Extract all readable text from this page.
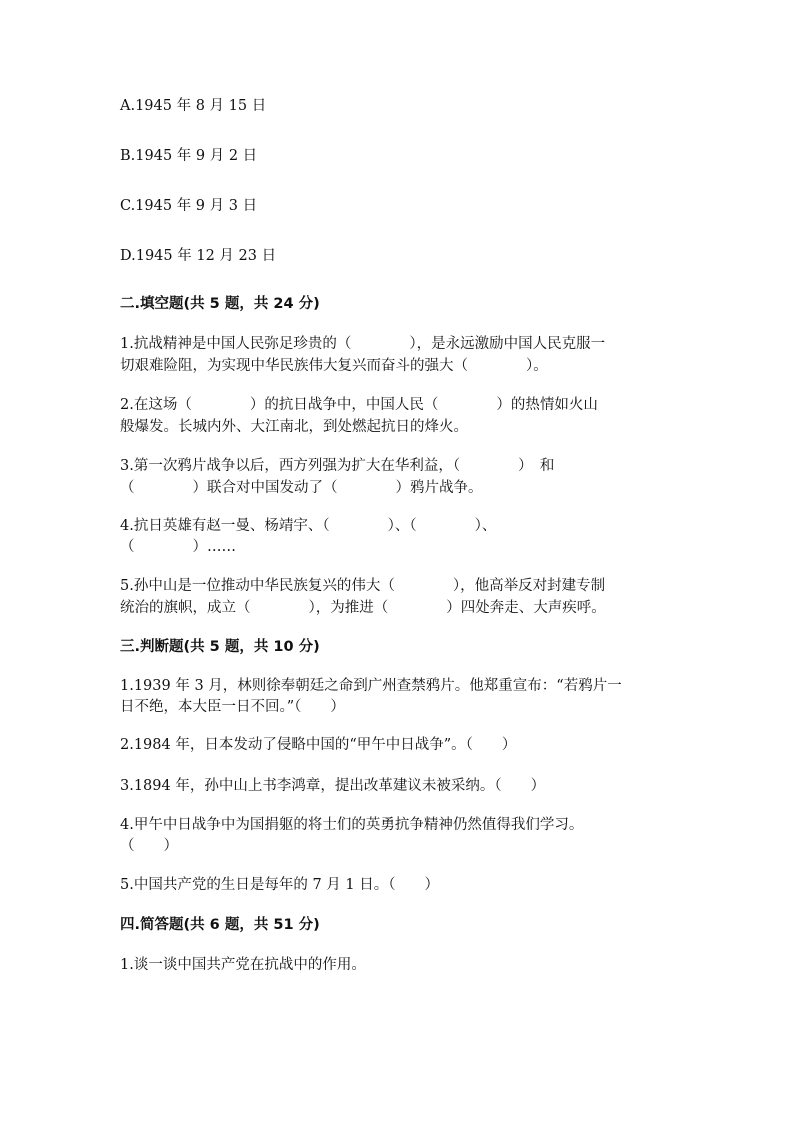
A.1945 年 8 月 15 日
B.1945 年 9 月 2 日
C.1945 年 9 月 3 日
D.1945 年 12 月 23 日
二.填空题(共 5 题，共 24 分)
1.抗战精神是中国人民弥足珍贵的（　　　　），是永远激励中国人民克服一
切艰难险阻，为实现中华民族伟大复兴而奋斗的强大（　　　　）。
2.在这场（　　　　）的抗日战争中，中国人民（　　　　）的热情如火山
般爆发。长城内外、大江南北，到处燃起抗日的烽火。
3.第一次鸦片战争以后，西方列强为扩大在华利益，（　　　　）　和
（　　　　）联合对中国发动了（　　　　）鸦片战争。
4.抗日英雄有赵一曼、杨靖宇、（　　　　）、（　　　　）、
（　　　　）……
5.孙中山是一位推动中华民族复兴的伟大（　　　　），他高举反对封建专制
统治的旗帜，成立（　　　　），为推进（　　　　）四处奔走、大声疾呼。
三.判断题(共 5 题，共 10 分)
1.1939 年 3 月，林则徐奉朝廷之命到广州查禁鸦片。他郑重宣布：“若鸦片一
日不绝，本大臣一日不回。”（　　）
2.1984 年，日本发动了侵略中国的“甲午中日战争”。（　　）
3.1894 年，孙中山上书李鸿章，提出改革建议未被采纳。（　　）
4.甲午中日战争中为国捐躯的将士们的英勇抗争精神仍然值得我们学习。
（　　）
5.中国共产党的生日是每年的 7 月 1 日。（　　）
四.简答题(共 6 题，共 51 分)
1.谈一谈中国共产党在抗战中的作用。
